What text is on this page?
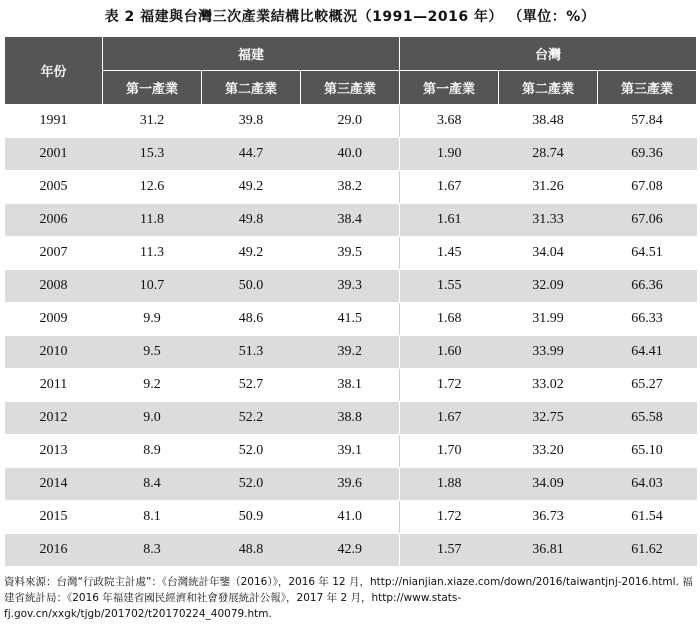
表 2 福建與台灣三次產業結構比較概況（1991—2016 年） （單位：%）
年份	福建			台灣		
	第一產業	第二產業	第三產業	第一產業	第二產業	第三產業
1991	31.2	39.8	29.0	3.68	38.48	57.84
2001	15.3	44.7	40.0	1.90	28.74	69.36
2005	12.6	49.2	38.2	1.67	31.26	67.08
2006	11.8	49.8	38.4	1.61	31.33	67.06
2007	11.3	49.2	39.5	1.45	34.04	64.51
2008	10.7	50.0	39.3	1.55	32.09	66.36
2009	9.9	48.6	41.5	1.68	31.99	66.33
2010	9.5	51.3	39.2	1.60	33.99	64.41
2011	9.2	52.7	38.1	1.72	33.02	65.27
2012	9.0	52.2	38.8	1.67	32.75	65.58
2013	8.9	52.0	39.1	1.70	33.20	65.10
2014	8.4	52.0	39.6	1.88	34.09	64.03
2015	8.1	50.9	41.0	1.72	36.73	61.54
2016	8.3	48.8	42.9	1.57	36.81	61.62
資料來源：台灣“行政院主計處”：《台灣統計年鑒（2016）》，2016 年 12 月，http://nianjian.xiaze.com/down/2016/taiwantjnj-2016.html. 福建省統計局：《2016 年福建省國民經濟和社會發展統計公報》，2017 年 2 月，http://www.stats-fj.gov.cn/xxgk/tjgb/201702/t20170224_40079.htm.
